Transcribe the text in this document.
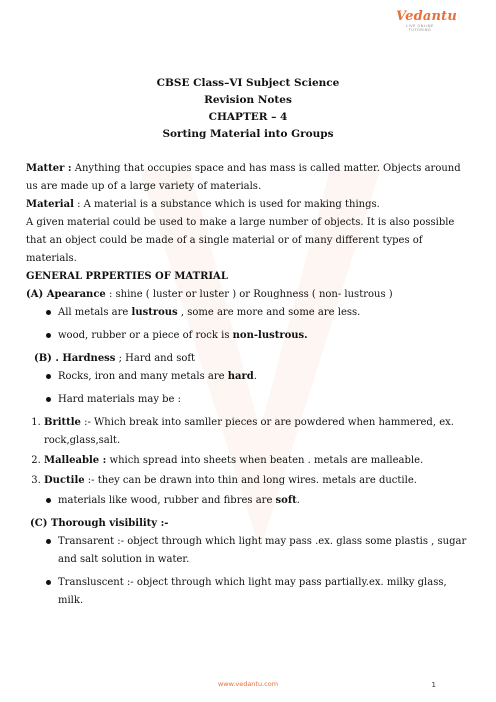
Vedantu
LIVE ONLINE TUTORING
CBSE Class–VI Subject Science
Revision Notes
CHAPTER – 4
Sorting Material into Groups

Matter : Anything that occupies space and has mass is called matter. Objects around us are made up of a large variety of materials.

Material : A material is a substance which is used for making things.

A given material could be used to make a large number of objects. It is also possible that an object could be made of a single material or of many different types of materials.

GENERAL PRPERTIES OF MATRIAL

(A) Apearance : shine ( luster or luster ) or Roughness ( non- lustrous )

All metals are lustrous , some are more and some are less.
wood, rubber or a piece of rock is non-lustrous.

(B) . Hardness ; Hard and soft

Rocks, iron and many metals are hard.
Hard materials may be :
1. Brittle :- Which break into samller pieces or are powdered when hammered, ex. rock,glass,salt.
2. Malleable : which spread into sheets when beaten . metals are malleable.
3. Ductile :- they can be drawn into thin and long wires. metals are ductile.
materials like wood, rubber and fibres are soft.

(C) Thorough visibility :-

Transarent :- object through which light may pass .ex. glass some plastis , sugar and salt solution in water.
Transluscent :- object through which light may pass partially.ex. milky glass, milk.
www.vedantu.com	1
